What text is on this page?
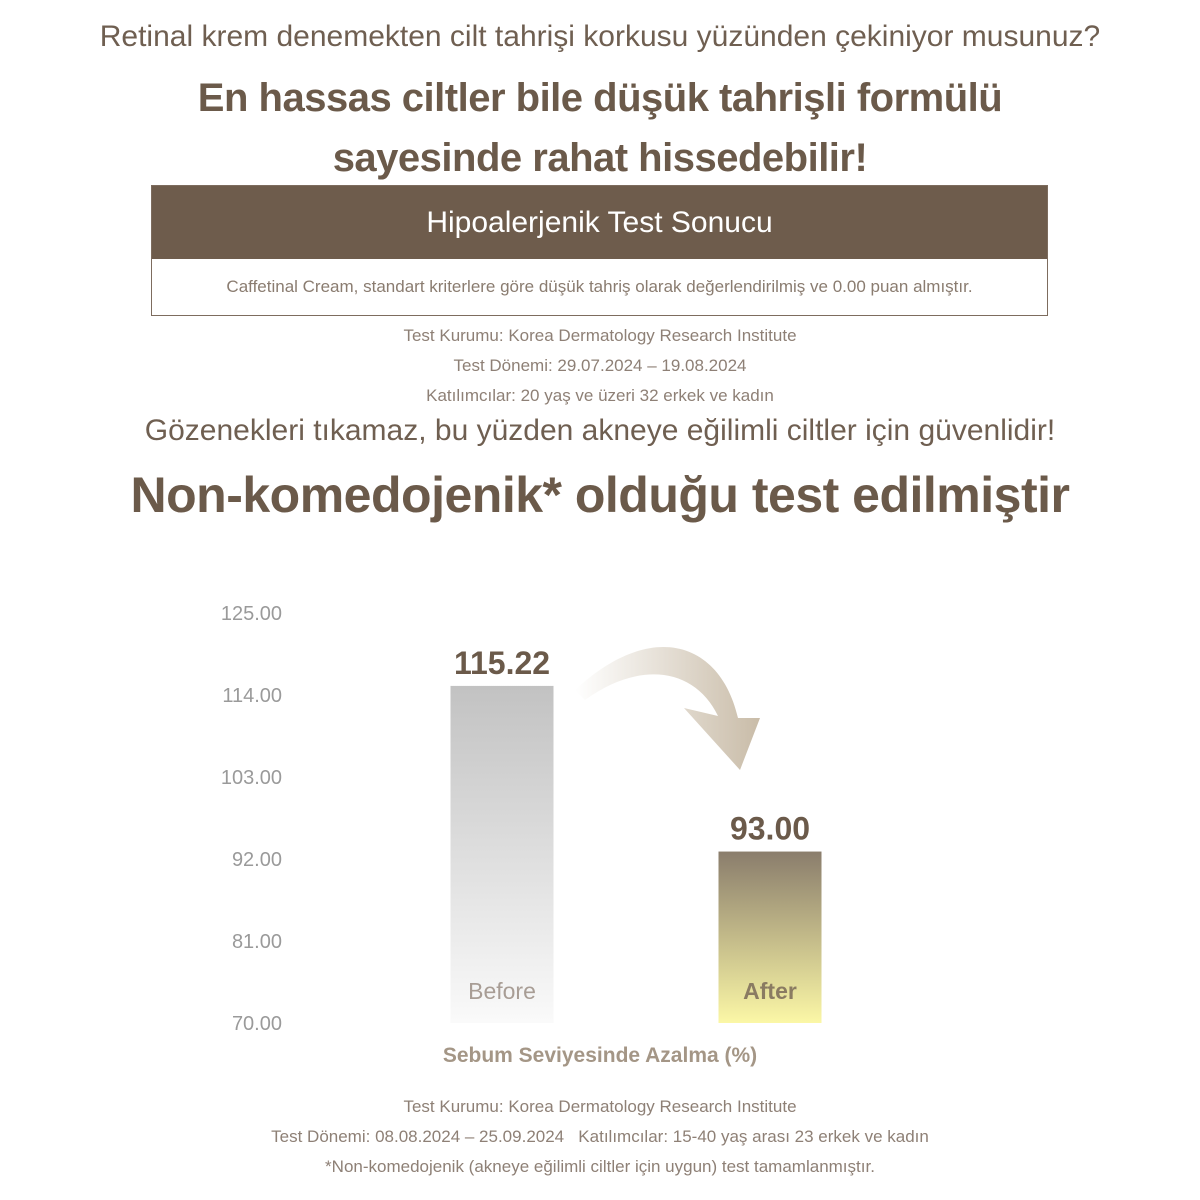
Retinal krem denemekten cilt tahrişi korkusu yüzünden çekiniyor musunuz?
En hassas ciltler bile düşük tahrişli formülü
sayesinde rahat hissedebilir!
Hipoalerjenik Test Sonucu
Caffetinal Cream, standart kriterlere göre düşük tahriş olarak değerlendirilmiş ve 0.00 puan almıştır.
Test Kurumu: Korea Dermatology Research Institute
Test Dönemi: 29.07.2024 – 19.08.2024
Katılımcılar: 20 yaş ve üzeri 32 erkek ve kadın
Gözenekleri tıkamaz, bu yüzden akneye eğilimli ciltler için güvenlidir!
Non-komedojenik* olduğu test edilmiştir
125.00
114.00
103.00
92.00
81.00
70.00
115.22
Before
93.00
After
Sebum Seviyesinde Azalma (%)
Test Kurumu: Korea Dermatology Research Institute
Test Dönemi: 08.08.2024 – 25.09.2024   Katılımcılar: 15-40 yaş arası 23 erkek ve kadın
*Non-komedojenik (akneye eğilimli ciltler için uygun) test tamamlanmıştır.
